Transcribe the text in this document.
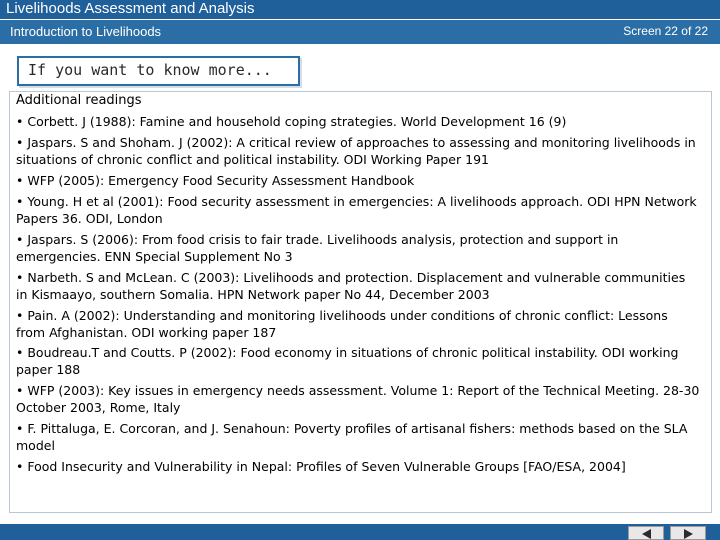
Livelihoods Assessment and Analysis
Introduction to Livelihoods	Screen 22 of 22
If you want to know more...
Additional readings
• Corbett. J (1988): Famine and household coping strategies. World Development 16 (9)
• Jaspars. S and Shoham. J (2002): A critical review of approaches to assessing and monitoring livelihoods in situations of chronic conflict and political instability. ODI Working Paper 191
• WFP (2005): Emergency Food Security Assessment Handbook
• Young. H et al (2001): Food security assessment in emergencies: A livelihoods approach. ODI HPN Network Papers 36. ODI, London
• Jaspars. S (2006): From food crisis to fair trade. Livelihoods analysis, protection and support in emergencies. ENN Special Supplement No 3
• Narbeth. S and McLean. C (2003): Livelihoods and protection. Displacement and vulnerable communities in Kismaayo, southern Somalia. HPN Network paper No 44, December 2003
• Pain. A (2002): Understanding and monitoring livelihoods under conditions of chronic conflict: Lessons from Afghanistan. ODI working paper 187
• Boudreau.T and Coutts. P (2002): Food economy in situations of chronic political instability. ODI working paper 188
• WFP (2003): Key issues in emergency needs assessment. Volume 1: Report of the Technical Meeting. 28-30 October 2003, Rome, Italy
• F. Pittaluga, E. Corcoran, and J. Senahoun: Poverty profiles of artisanal fishers: methods based on the SLA model
• Food Insecurity and Vulnerability in Nepal: Profiles of Seven Vulnerable Groups [FAO/ESA, 2004]
